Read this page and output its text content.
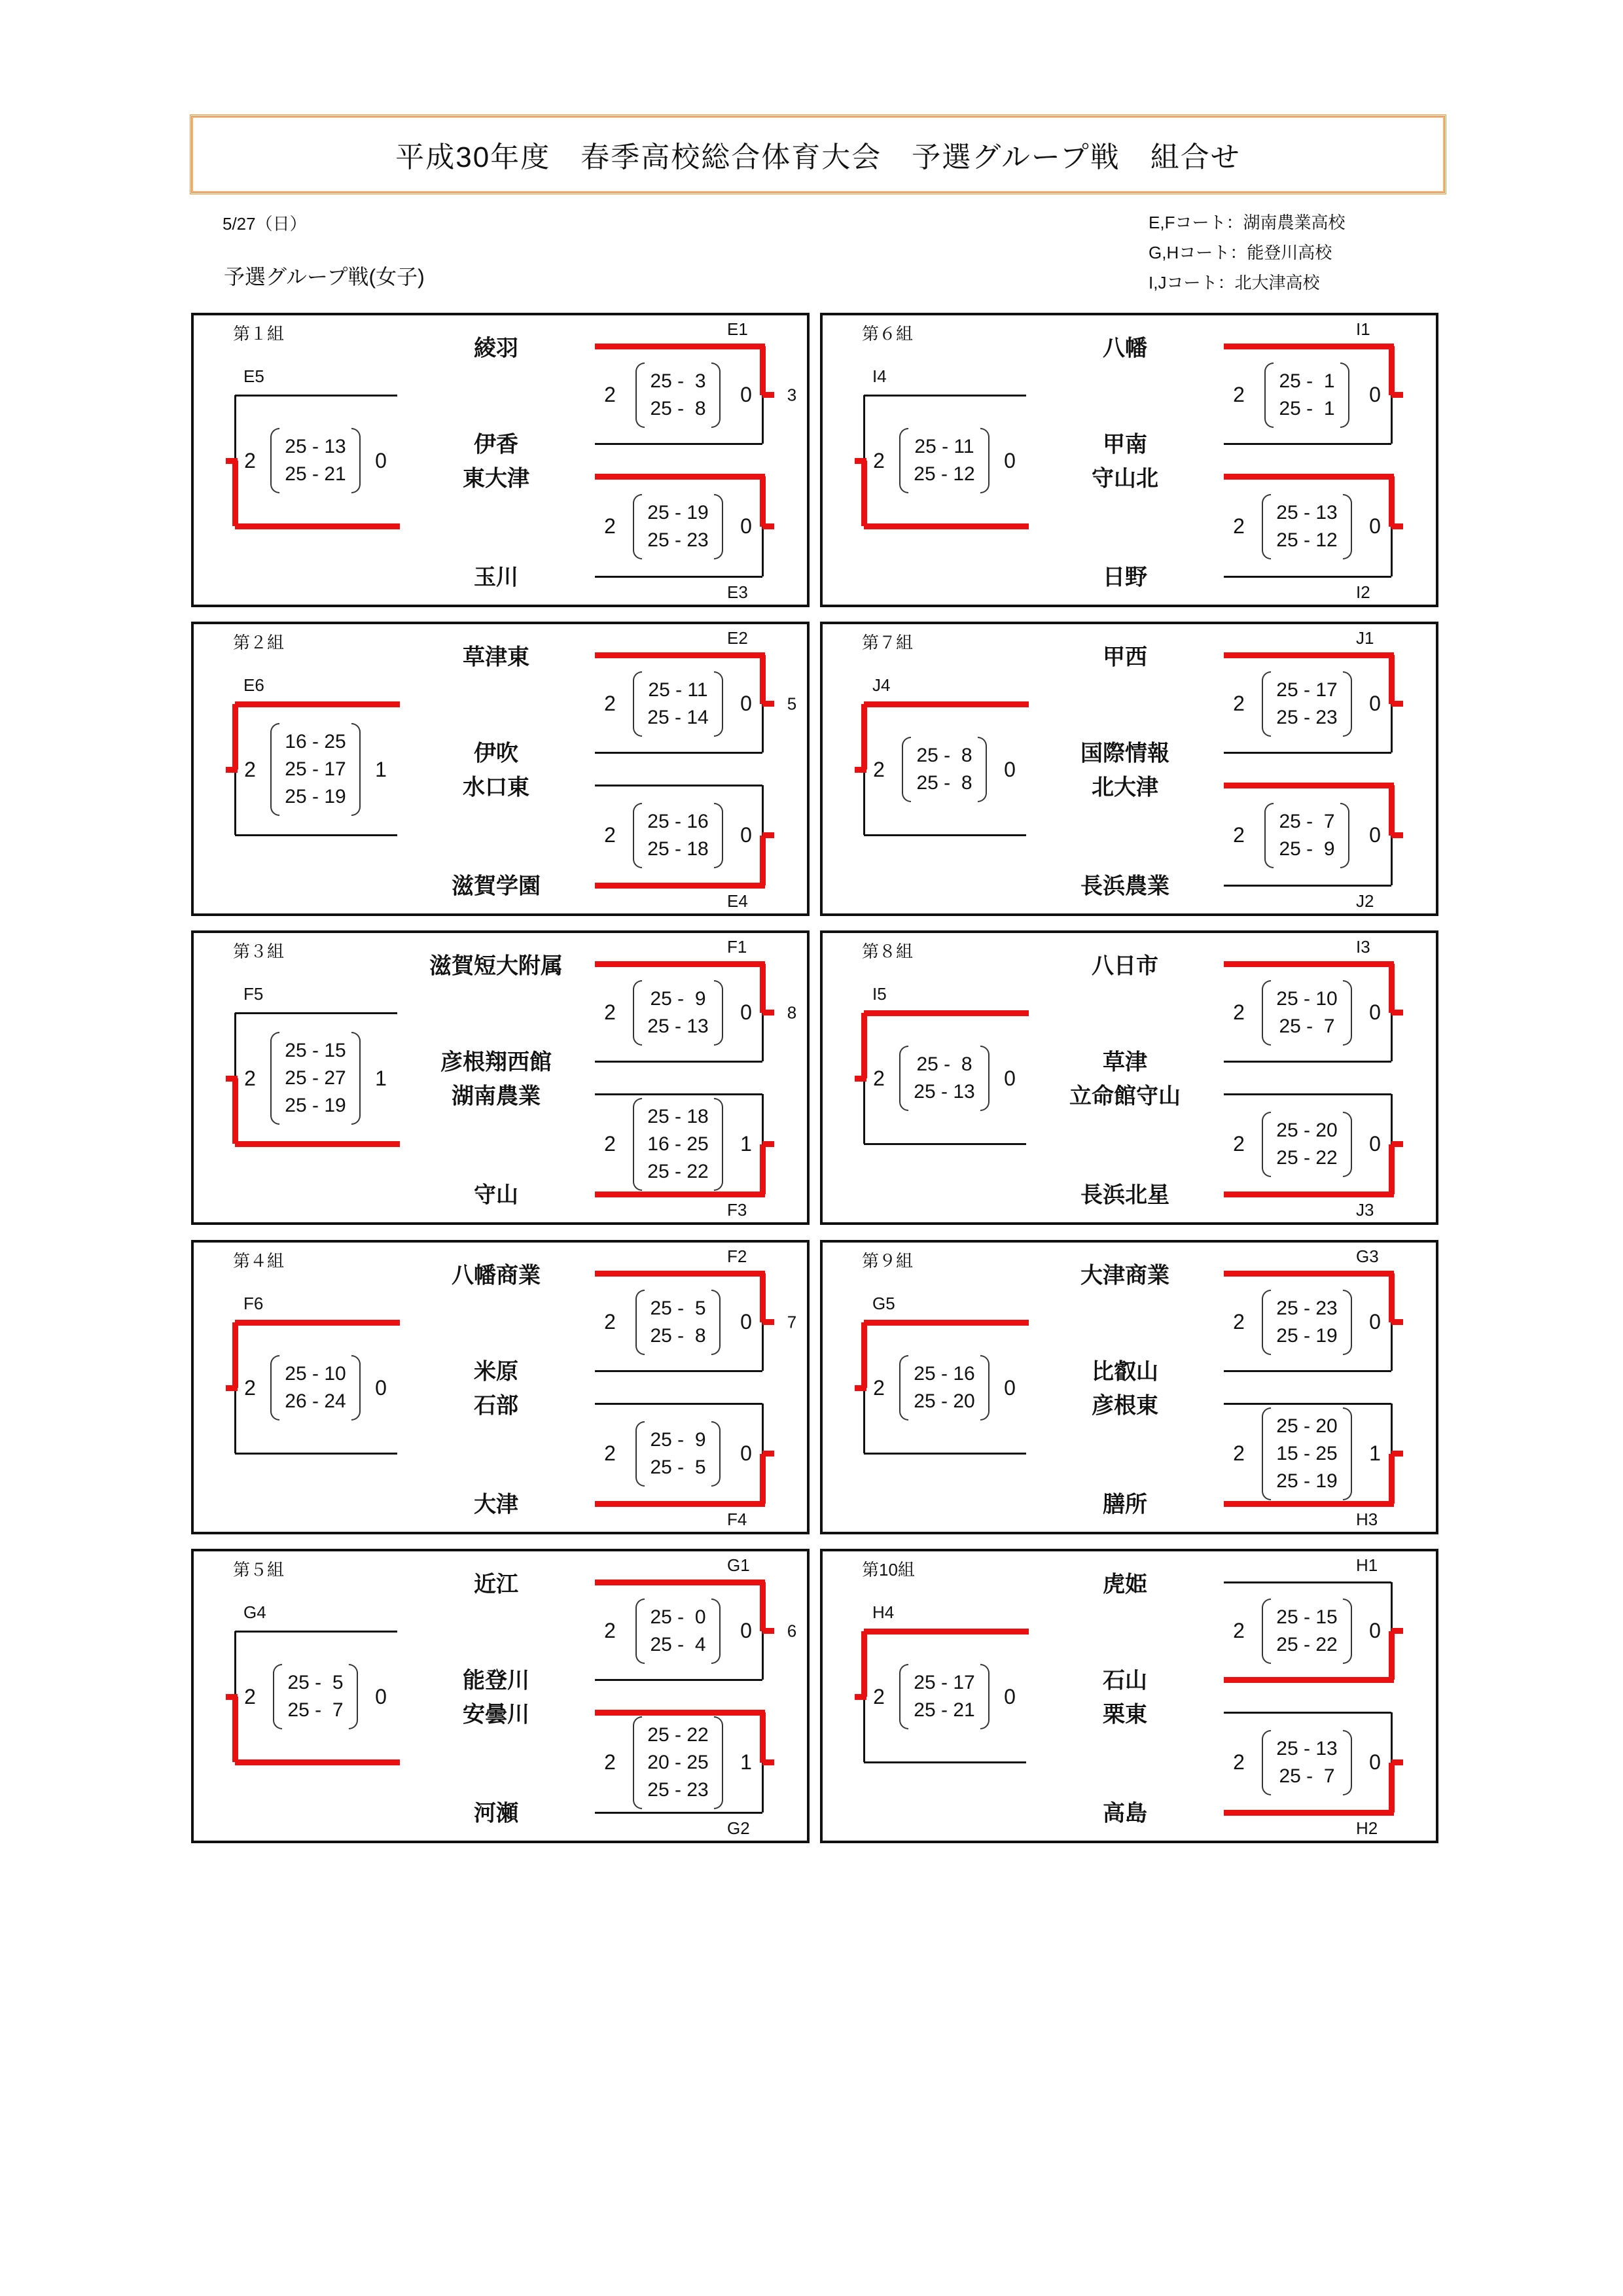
平成30年度　春季高校総合体育大会　予選グループ戦　組合せ
5/27（日）
予選グループ戦(女子)
E,Fコート：湖南農業高校
G,Hコート：能登川高校
I,Jコート：北大津高校
第１組
E5
E1
E3
綾羽
伊香
東大津
玉川
3
2
25 - 13
25 - 21
0
2
25 -  3
25 -  8
0
2
25 - 19
25 - 23
0
第２組
E6
E2
E4
草津東
伊吹
水口東
滋賀学園
5
2
16 - 25
25 - 17
25 - 19
1
2
25 - 11
25 - 14
0
2
25 - 16
25 - 18
0
第３組
F5
F1
F3
滋賀短大附属
彦根翔西館
湖南農業
守山
8
2
25 - 15
25 - 27
25 - 19
1
2
25 -  9
25 - 13
0
2
25 - 18
16 - 25
25 - 22
1
第４組
F6
F2
F4
八幡商業
米原
石部
大津
7
2
25 - 10
26 - 24
0
2
25 -  5
25 -  8
0
2
25 -  9
25 -  5
0
第５組
G4
G1
G2
近江
能登川
安曇川
河瀬
6
2
25 -  5
25 -  7
0
2
25 -  0
25 -  4
0
2
25 - 22
20 - 25
25 - 23
1
第６組
I4
I1
I2
八幡
甲南
守山北
日野
2
25 - 11
25 - 12
0
2
25 -  1
25 -  1
0
2
25 - 13
25 - 12
0
第７組
J4
J1
J2
甲西
国際情報
北大津
長浜農業
2
25 -  8
25 -  8
0
2
25 - 17
25 - 23
0
2
25 -  7
25 -  9
0
第８組
I5
I3
J3
八日市
草津
立命館守山
長浜北星
2
25 -  8
25 - 13
0
2
25 - 10
25 -  7
0
2
25 - 20
25 - 22
0
第９組
G5
G3
H3
大津商業
比叡山
彦根東
膳所
2
25 - 16
25 - 20
0
2
25 - 23
25 - 19
0
2
25 - 20
15 - 25
25 - 19
1
第10組
H4
H1
H2
虎姫
石山
栗東
高島
2
25 - 17
25 - 21
0
2
25 - 15
25 - 22
0
2
25 - 13
25 -  7
0
